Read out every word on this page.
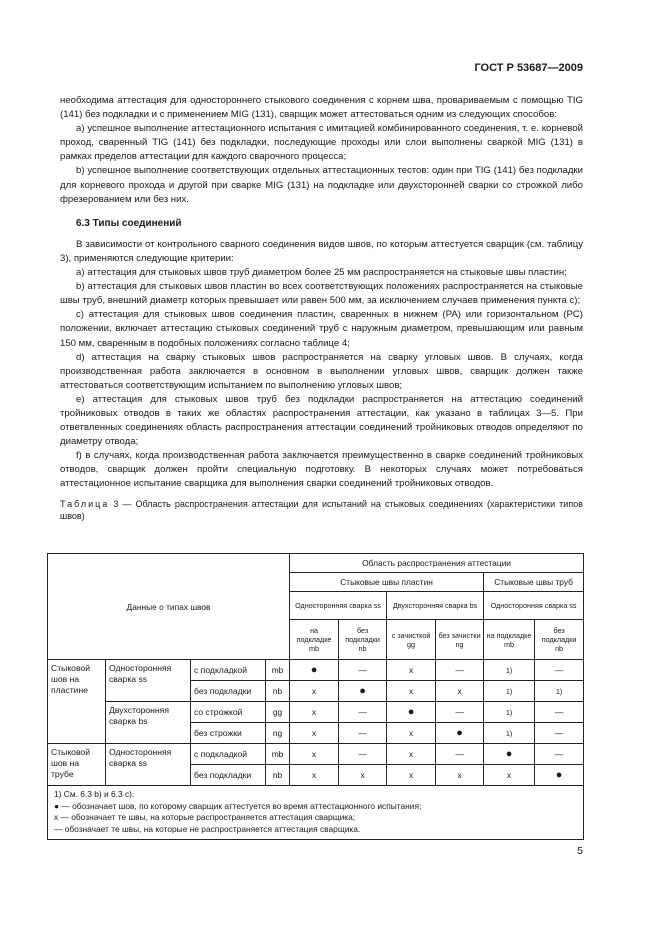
ГОСТ Р 53687—2009

необходима аттестация для одностороннего стыкового соединения с корнем шва, провариваемым с помощью TIG (141) без подкладки и с применением MIG (131), сварщик может аттестоваться одним из следующих способов:

а) успешное выполнение аттестационного испытания с имитацией комбинированного соединения, т. е. корневой проход, сваренный TIG (141) без подкладки, последующие проходы или слои выполнены сваркой MIG (131) в рамках пределов аттестации для каждого сварочного процесса;

b) успешное выполнение соответствующих отдельных аттестационных тестов: один при TIG (141) без подкладки для корневого прохода и другой при сварке MIG (131) на подкладке или двухсторонней сварки со строжкой либо фрезерованием или без них.

6.3 Типы соединений

В зависимости от контрольного сварного соединения видов швов, по которым аттестуется сварщик (см. таблицу 3), применяются следующие критерии:

а) аттестация для стыковых швов труб диаметром более 25 мм распространяется на стыковые швы пластин;

b) аттестация для стыковых швов пластин во всех соответствующих положениях распространяется на стыковые швы труб, внешний диаметр которых превышает или равен 500 мм, за исключением случаев применения пункта с);

с) аттестация для стыковых швов соединения пластин, сваренных в нижнем (PA) или горизонтальном (PC) положении, включает аттестацию стыковых соединений труб с наружным диаметром, превышающим или равным 150 мм, сваренным в подобных положениях согласно таблице 4;

d) аттестация на сварку стыковых швов распространяется на сварку угловых швов. В случаях, когда производственная работа заключается в основном в выполнении угловых швов, сварщик должен также аттестоваться соответствующим испытанием по выполнению угловых швов;

е) аттестация для стыковых швов труб без подкладки распространяется на аттестацию соединений тройниковых отводов в таких же областях распространения аттестации, как указано в таблицах 3—5. При ответвленных соединениях область распространения аттестации соединений тройниковых отводов определяют по диаметру отвода;

f) в случаях, когда производственная работа заключается преимущественно в сварке соединений тройниковых отводов, сварщик должен пройти специальную подготовку. В некоторых случаях может потребоваться аттестационное испытание сварщика для выполнения сварки соединений тройниковых отводов.

Таблица 3 — Область распространения аттестации для испытаний на стыковых соединениях (характеристики типов швов)

Данные о типах швов				Область распространения аттестации					
				Стыковые швы пластин				Стыковые швы труб	
				Односторонняя сварка ss		Двухсторонняя сварка bs		Односторонняя сварка ss	
				на подкладке mb	без подкладки nb	с зачисткой gg	без зачистки ng	на подкладке mb	без подкладки nb
Стыковой шов на пластине	Односторонняя сварка ss	с подкладкой	mb	●	—	x	—	1)	—
		без подкладки	nb	x	●	x	x	1)	1)
	Двухсторонняя сварка bs	со строжкой	gg	x	—	●	—	1)	—
		без строжки	ng	x	—	x	●	1)	—
Стыковой шов на трубе	Односторонняя сварка ss	с подкладкой	mb	x	—	x	—	●	—
		без подкладки	nb	x	x	x	x	x	●

1) См. 6.3 b) и 6.3 с).
● — обозначает шов, по которому сварщик аттестуется во время аттестационного испытания;
x — обозначает те швы, на которые распространяется аттестация сварщика;
— обозначает те швы, на которые не распространяется аттестация сварщика.									
5
